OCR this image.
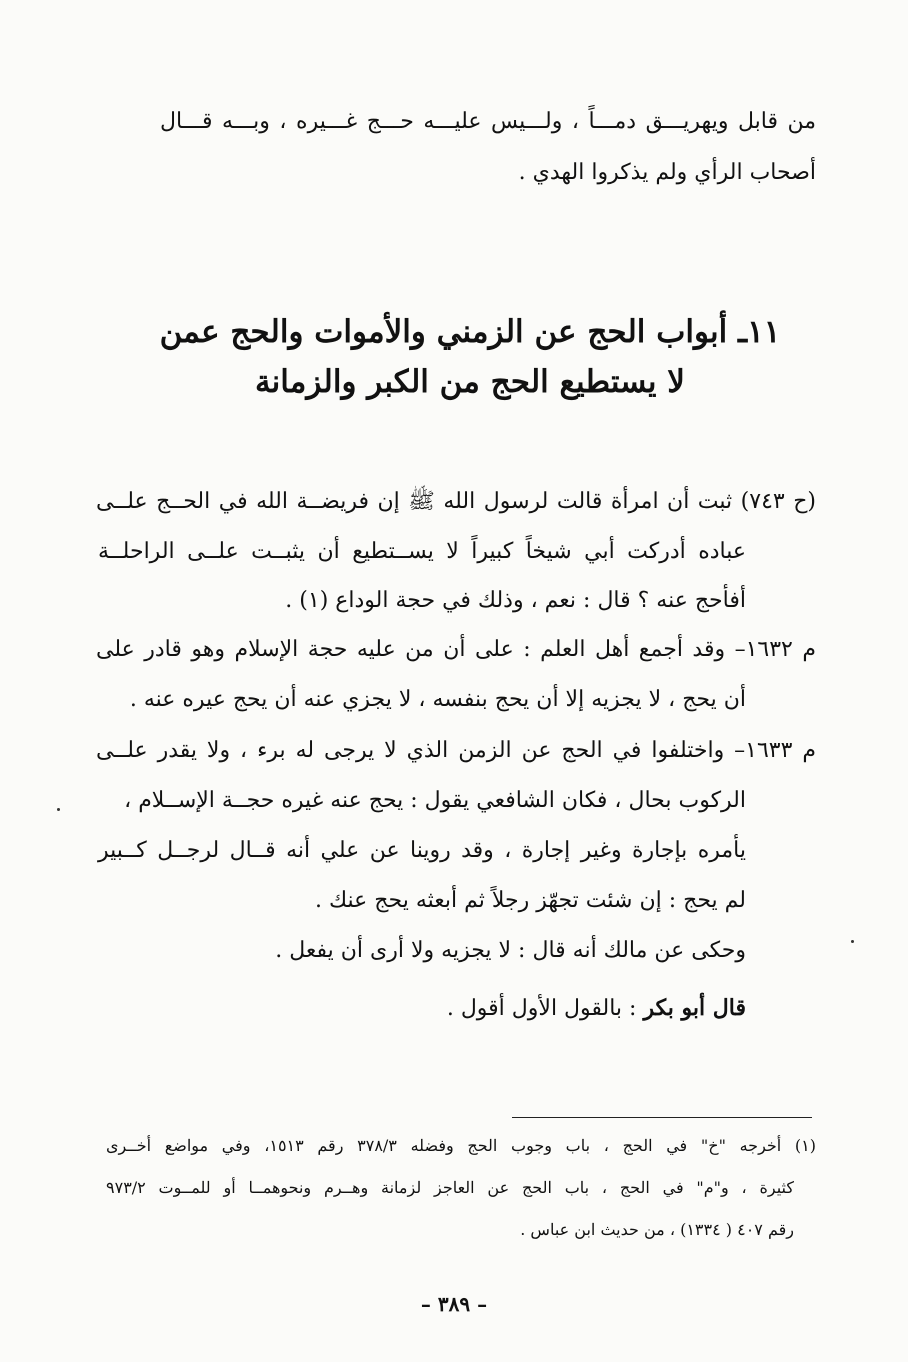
من قابل ويهريـــق دمـــاً ، ولـــيس عليـــه حـــج غـــيره ، وبـــه قـــال
أصحاب الرأي ولم يذكروا الهدي .
١١ـ أبواب الحج عن الزمني والأموات والحج عمن
لا يستطيع الحج من الكبر والزمانة
(ح ٧٤٣) ثبت أن امرأة قالت لرسول الله ﷺ إن فريضــة الله في الحــج علــى
عباده أدركت أبي شيخاً كبيراً لا يســتطيع أن يثبــت علــى الراحلــة
أفأحج عنه ؟ قال : نعم ، وذلك في حجة الوداع (١) .
م ١٦٣٢– وقد أجمع أهل العلم : على أن من عليه حجة الإسلام وهو قادر على
أن يحج ، لا يجزيه إلا أن يحج بنفسه ، لا يجزي عنه أن يحج عيره عنه .
م ١٦٣٣– واختلفوا في الحج عن الزمن الذي لا يرجى له برء ، ولا يقدر علــى
الركوب بحال ، فكان الشافعي يقول : يحج عنه غيره حجــة الإســلام ،
يأمره بإجارة وغير إجارة ، وقد روينا عن علي أنه قــال لرجــل كــبير
لم يحج : إن شئت تجهّز رجلاً ثم أبعثه يحج عنك .
وحكى عن مالك أنه قال : لا يجزيه ولا أرى أن يفعل .
قال أبو بكر : بالقول الأول أقول .
(١) أخرجه "خ" في الحج ، باب وجوب الحج وفضله ٣٧٨/٣ رقم ١٥١٣، وفي مواضع أخــرى
كثيرة ، و"م" في الحج ، باب الحج عن العاجز لزمانة وهــرم ونحوهمــا أو للمــوت ٩٧٣/٢
رقم ٤٠٧ ( ١٣٣٤) ، من حديث ابن عباس .
– ٣٨٩ –
